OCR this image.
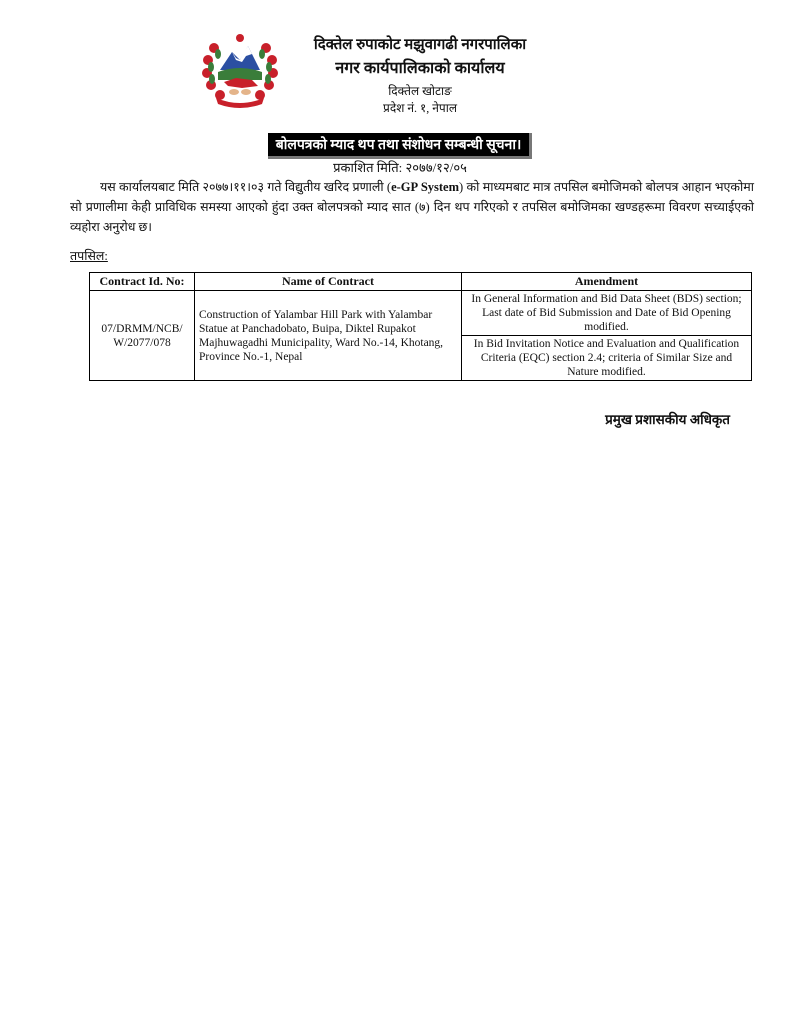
दिक्तेल रुपाकोट मझुवागढी नगरपालिका
नगर कार्यपालिकाको कार्यालय
दिक्तेल खोटाङ
प्रदेश नं. १, नेपाल
बोलपत्रको म्याद थप तथा संशोधन सम्बन्धी सूचना।
प्रकाशित मिति: २०७७/१२/०५
यस कार्यालयबाट मिति २०७७।११।०३ गते विद्युतीय खरिद प्रणाली (e-GP System) को माध्यमबाट मात्र तपसिल बमोजिमको बोलपत्र आहान भएकोमा सो प्रणालीमा केही प्राविधिक समस्या आएको हुंदा उक्त बोलपत्रको म्याद सात (७) दिन थप गरिएको र तपसिल बमोजिमका खण्डहरूमा विवरण सच्याईएको व्यहोरा अनुरोध छ।
तपसिल:
Contract Id. No:	Name of Contract	Amendment
07/DRMM/NCB/ W/2077/078	Construction of Yalambar Hill Park with Yalambar Statue at Panchadobato, Buipa, Diktel Rupakot Majhuwagadhi Municipality, Ward No.-14, Khotang, Province No.-1, Nepal	In General Information and Bid Data Sheet (BDS) section; Last date of Bid Submission and Date of Bid Opening modified.
		In Bid Invitation Notice and Evaluation and Qualification Criteria (EQC) section 2.4; criteria of Similar Size and Nature modified.
प्रमुख प्रशासकीय अधिकृत
